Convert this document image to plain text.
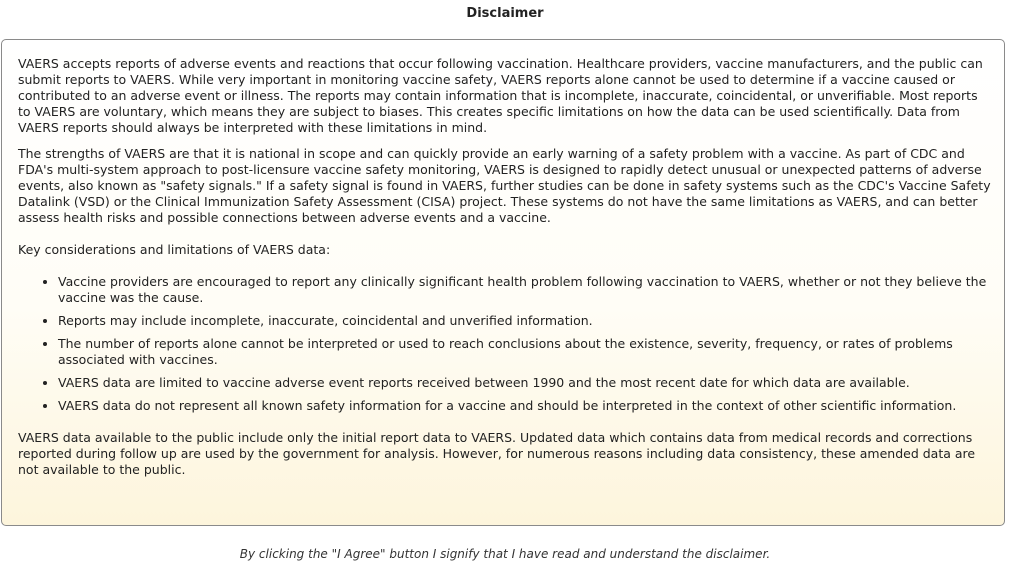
Disclaimer

VAERS accepts reports of adverse events and reactions that occur following vaccination. Healthcare providers, vaccine manufacturers, and the public can submit reports to VAERS. While very important in monitoring vaccine safety, VAERS reports alone cannot be used to determine if a vaccine caused or contributed to an adverse event or illness. The reports may contain information that is incomplete, inaccurate, coincidental, or unverifiable. Most reports to VAERS are voluntary, which means they are subject to biases. This creates specific limitations on how the data can be used scientifically. Data from VAERS reports should always be interpreted with these limitations in mind.

The strengths of VAERS are that it is national in scope and can quickly provide an early warning of a safety problem with a vaccine. As part of CDC and FDA's multi-system approach to post-licensure vaccine safety monitoring, VAERS is designed to rapidly detect unusual or unexpected patterns of adverse events, also known as "safety signals." If a safety signal is found in VAERS, further studies can be done in safety systems such as the CDC's Vaccine Safety Datalink (VSD) or the Clinical Immunization Safety Assessment (CISA) project. These systems do not have the same limitations as VAERS, and can better assess health risks and possible connections between adverse events and a vaccine.

Key considerations and limitations of VAERS data:

• Vaccine providers are encouraged to report any clinically significant health problem following vaccination to VAERS, whether or not they believe the vaccine was the cause.
• Reports may include incomplete, inaccurate, coincidental and unverified information.
• The number of reports alone cannot be interpreted or used to reach conclusions about the existence, severity, frequency, or rates of problems associated with vaccines.
• VAERS data are limited to vaccine adverse event reports received between 1990 and the most recent date for which data are available.
• VAERS data do not represent all known safety information for a vaccine and should be interpreted in the context of other scientific information.

VAERS data available to the public include only the initial report data to VAERS. Updated data which contains data from medical records and corrections reported during follow up are used by the government for analysis. However, for numerous reasons including data consistency, these amended data are not available to the public.

By clicking the "I Agree" button I signify that I have read and understand the disclaimer.
